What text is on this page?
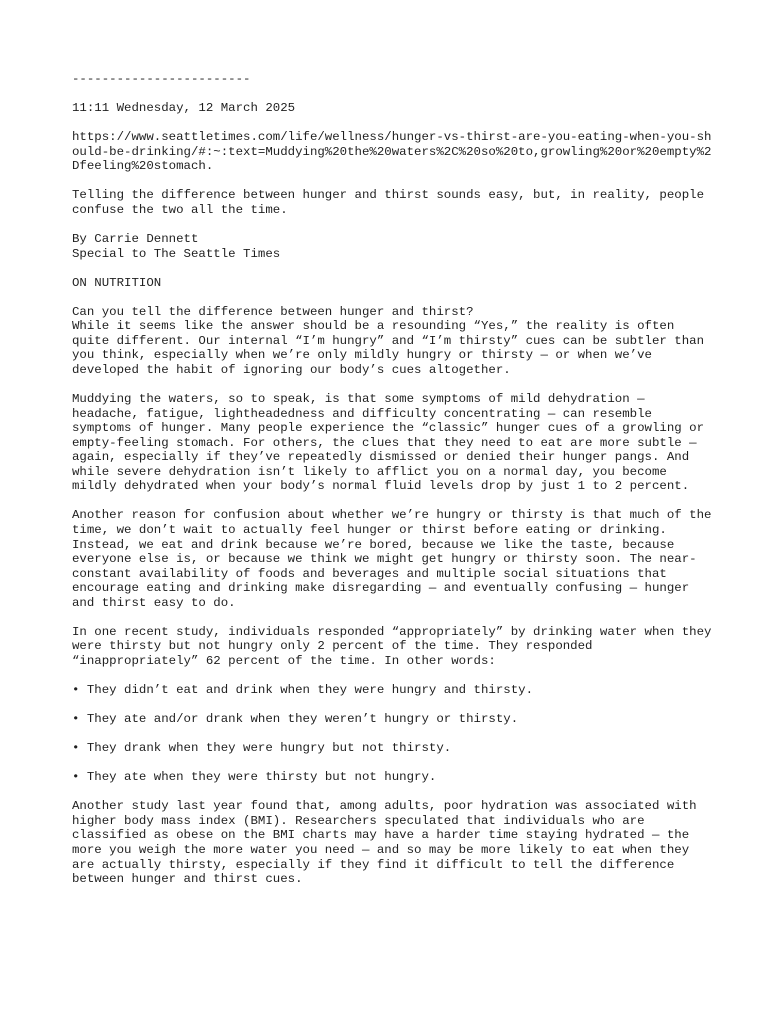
------------------------

11:11 Wednesday, 12 March 2025

https://www.seattletimes.com/life/wellness/hunger-vs-thirst-are-you-eating-when-you-should-be-drinking/#:~:text=Muddying%20the%20waters%2C%20so%20to,growling%20or%20empty%2Dfeeling%20stomach.

Telling the difference between hunger and thirst sounds easy, but, in reality, people confuse the two all the time.

By Carrie Dennett

Special to The Seattle Times

ON NUTRITION

Can you tell the difference between hunger and thirst?

While it seems like the answer should be a resounding “Yes,” the reality is often quite different. Our internal “I’m hungry” and “I’m thirsty” cues can be subtler than you think, especially when we’re only mildly hungry or thirsty — or when we’ve developed the habit of ignoring our body’s cues altogether.

Muddying the waters, so to speak, is that some symptoms of mild dehydration — headache, fatigue, lightheadedness and difficulty concentrating — can resemble symptoms of hunger. Many people experience the “classic” hunger cues of a growling or empty-feeling stomach. For others, the clues that they need to eat are more subtle — again, especially if they’ve repeatedly dismissed or denied their hunger pangs. And while severe dehydration isn’t likely to afflict you on a normal day, you become mildly dehydrated when your body’s normal fluid levels drop by just 1 to 2 percent.

Another reason for confusion about whether we’re hungry or thirsty is that much of the time, we don’t wait to actually feel hunger or thirst before eating or drinking. Instead, we eat and drink because we’re bored, because we like the taste, because everyone else is, or because we think we might get hungry or thirsty soon. The near-constant availability of foods and beverages and multiple social situations that encourage eating and drinking make disregarding — and eventually confusing — hunger and thirst easy to do.

In one recent study, individuals responded “appropriately” by drinking water when they were thirsty but not hungry only 2 percent of the time. They responded “inappropriately” 62 percent of the time. In other words:

• They didn’t eat and drink when they were hungry and thirsty.
• They ate and/or drank when they weren’t hungry or thirsty.
• They drank when they were hungry but not thirsty.
• They ate when they were thirsty but not hungry.

Another study last year found that, among adults, poor hydration was associated with higher body mass index (BMI). Researchers speculated that individuals who are classified as obese on the BMI charts may have a harder time staying hydrated — the more you weigh the more water you need — and so may be more likely to eat when they are actually thirsty, especially if they find it difficult to tell the difference between hunger and thirst cues.
